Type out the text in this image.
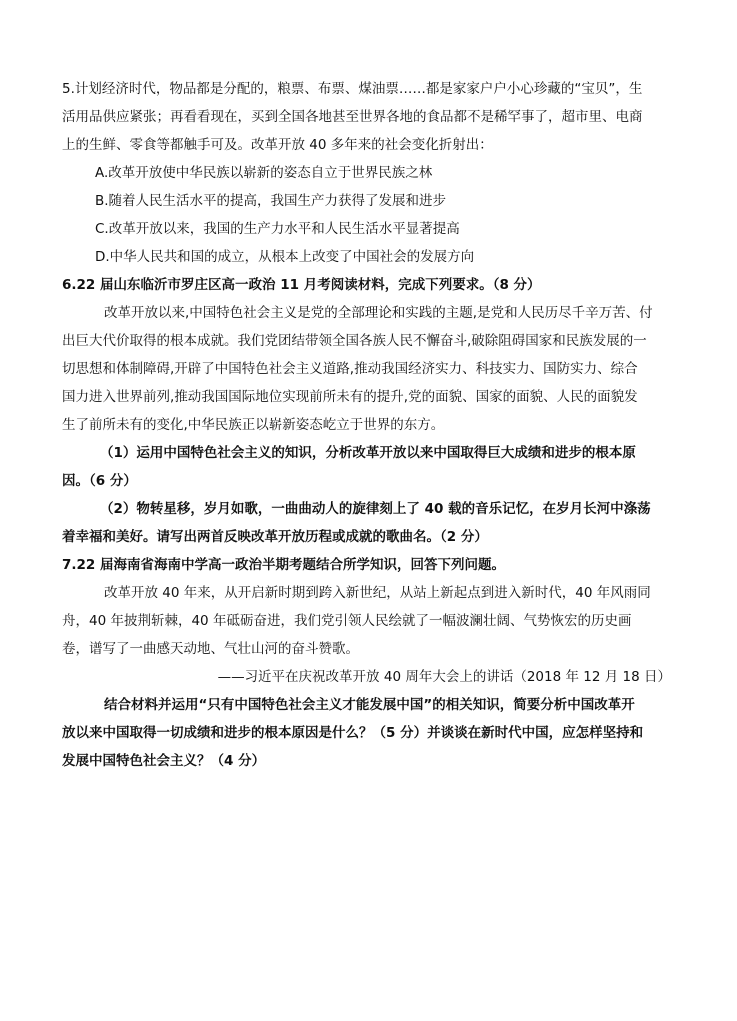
5.计划经济时代，物品都是分配的，粮票、布票、煤油票……都是家家户户小心珍藏的“宝贝”，生
活用品供应紧张；再看看现在，买到全国各地甚至世界各地的食品都不是稀罕事了，超市里、电商
上的生鲜、零食等都触手可及。改革开放 40 多年来的社会变化折射出：
A.改革开放使中华民族以崭新的姿态自立于世界民族之林
B.随着人民生活水平的提高，我国生产力获得了发展和进步
C.改革开放以来，我国的生产力水平和人民生活水平显著提高
D.中华人民共和国的成立，从根本上改变了中国社会的发展方向
6.22 届山东临沂市罗庄区高一政治 11 月考阅读材料，完成下列要求。（8 分）
改革开放以来,中国特色社会主义是党的全部理论和实践的主题,是党和人民历尽千辛万苦、付
出巨大代价取得的根本成就。我们党团结带领全国各族人民不懈奋斗,破除阻碍国家和民族发展的一
切思想和体制障碍,开辟了中国特色社会主义道路,推动我国经济实力、科技实力、国防实力、综合
国力进入世界前列,推动我国国际地位实现前所未有的提升,党的面貌、国家的面貌、人民的面貌发
生了前所未有的变化,中华民族正以崭新姿态屹立于世界的东方。
（1）运用中国特色社会主义的知识，分析改革开放以来中国取得巨大成绩和进步的根本原
因。（6 分）
（2）物转星移，岁月如歌，一曲曲动人的旋律刻上了 40 载的音乐记忆，在岁月长河中涤荡
着幸福和美好。请写出两首反映改革开放历程或成就的歌曲名。（2 分）
7.22 届海南省海南中学高一政治半期考题结合所学知识，回答下列问题。
改革开放 40 年来，从开启新时期到跨入新世纪，从站上新起点到进入新时代，40 年风雨同
舟，40 年披荆斩棘，40 年砥砺奋进，我们党引领人民绘就了一幅波澜壮阔、气势恢宏的历史画
卷，谱写了一曲感天动地、气壮山河的奋斗赞歌。
——习近平在庆祝改革开放 40 周年大会上的讲话（2018 年 12 月 18 日）
结合材料并运用“只有中国特色社会主义才能发展中国”的相关知识，简要分析中国改革开
放以来中国取得一切成绩和进步的根本原因是什么？（5 分）并谈谈在新时代中国，应怎样坚持和
发展中国特色社会主义？（4 分）
